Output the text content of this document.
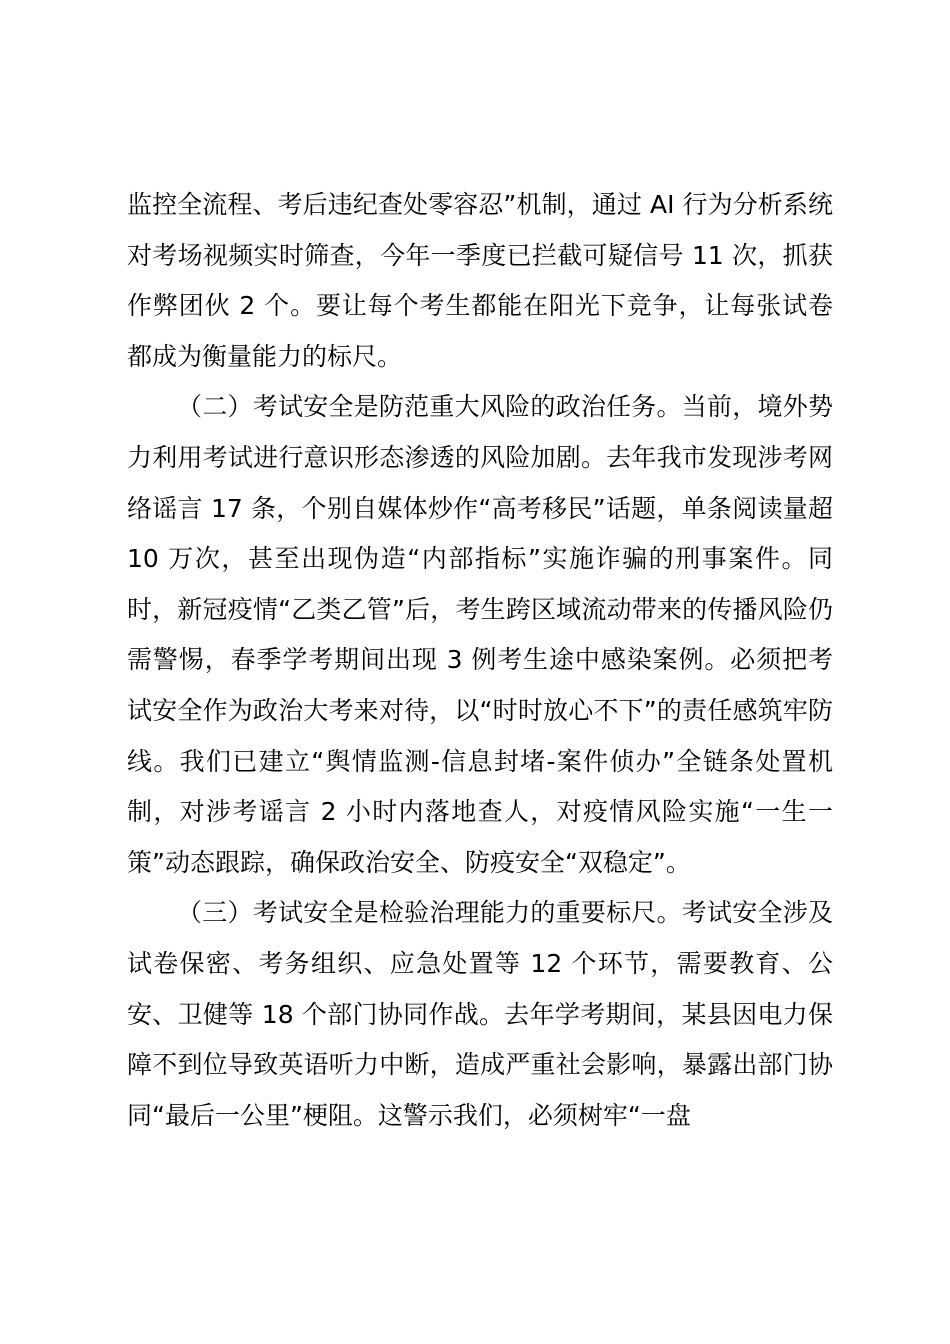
监控全流程、考后违纪查处零容忍”机制，通过 AI 行为分析系统对考场视频实时筛查，今年一季度已拦截可疑信号 11 次，抓获作弊团伙 2 个。要让每个考生都能在阳光下竞争，让每张试卷都成为衡量能力的标尺。

（二）考试安全是防范重大风险的政治任务。当前，境外势力利用考试进行意识形态渗透的风险加剧。去年我市发现涉考网络谣言 17 条，个别自媒体炒作“高考移民”话题，单条阅读量超 10 万次，甚至出现伪造“内部指标”实施诈骗的刑事案件。同时，新冠疫情“乙类乙管”后，考生跨区域流动带来的传播风险仍需警惕，春季学考期间出现 3 例考生途中感染案例。必须把考试安全作为政治大考来对待，以“时时放心不下”的责任感筑牢防线。我们已建立“舆情监测-信息封堵-案件侦办”全链条处置机制，对涉考谣言 2 小时内落地查人，对疫情风险实施“一生一策”动态跟踪，确保政治安全、防疫安全“双稳定”。

（三）考试安全是检验治理能力的重要标尺。考试安全涉及试卷保密、考务组织、应急处置等 12 个环节，需要教育、公安、卫健等 18 个部门协同作战。去年学考期间，某县因电力保障不到位导致英语听力中断，造成严重社会影响，暴露出部门协同“最后一公里”梗阻。这警示我们，必须树牢“一盘
